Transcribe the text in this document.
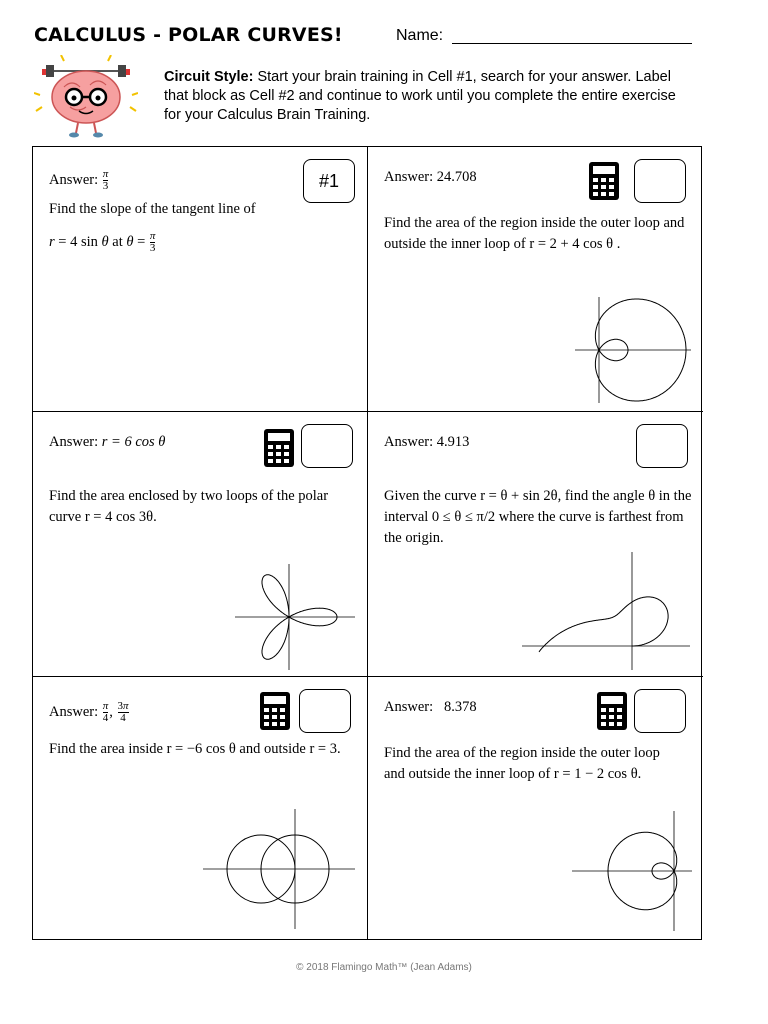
CALCULUS - POLAR CURVES!	Name:
Circuit Style: Start your brain training in Cell #1, search for your answer. Label that block as Cell #2 and continue to work until you complete the entire exercise for your Calculus Brain Training.
Answer: $\frac{\pi}{3}$
Find the slope of the tangent line of
r = 4 sin θ at $\theta = \frac{\pi}{3}$
#1	Answer: 24.708
Find the area of the region inside the outer loop and outside the inner loop of r = 2 + 4 cos θ .
Answer: r = 6 cos θ
Find the area enclosed by two loops of the polar curve r = 4 cos 3θ.
Answer: 4.913
Given the curve r = θ + sin 2θ, find the angle θ in the interval 0 ≤ θ ≤ π/2 where the curve is farthest from the origin.
Answer: $\frac{\pi}{4}$ , $\frac{3\pi}{4}$
Find the area inside r = −6 cos θ and outside r = 3.
Answer: 8.378
Find the area of the region inside the outer loop and outside the inner loop of r = 1 − 2 cos θ.
© 2018 Flamingo Math™ (Jean Adams)
